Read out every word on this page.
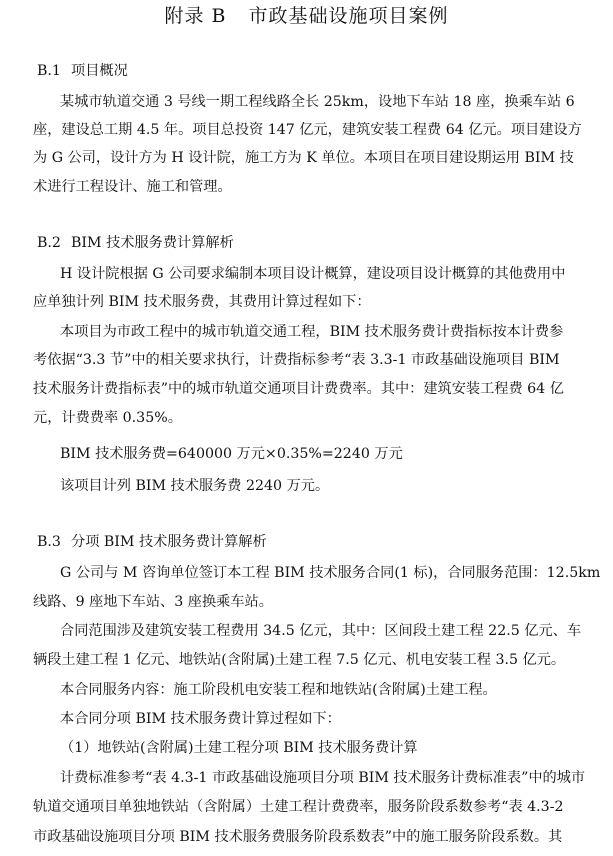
附录 B 市政基础设施项目案例
B.1 项目概况
某城市轨道交通 3 号线一期工程线路全长 25km，设地下车站 18 座，换乘车站 6
座，建设总工期 4.5 年。项目总投资 147 亿元，建筑安装工程费 64 亿元。项目建设方
为 G 公司，设计方为 H 设计院，施工方为 K 单位。本项目在项目建设期运用 BIM 技
术进行工程设计、施工和管理。
B.2 BIM 技术服务费计算解析
H 设计院根据 G 公司要求编制本项目设计概算，建设项目设计概算的其他费用中
应单独计列 BIM 技术服务费，其费用计算过程如下：
本项目为市政工程中的城市轨道交通工程，BIM 技术服务费计费指标按本计费参
考依据“3.3 节”中的相关要求执行，计费指标参考“表 3.3-1 市政基础设施项目 BIM
技术服务计费指标表”中的城市轨道交通项目计费费率。其中：建筑安装工程费 64 亿
元，计费费率 0.35%。
BIM 技术服务费=640000 万元×0.35%=2240 万元
该项目计列 BIM 技术服务费 2240 万元。
B.3 分项 BIM 技术服务费计算解析
G 公司与 M 咨询单位签订本工程 BIM 技术服务合同(1 标)，合同服务范围：12.5km
线路、9 座地下车站、3 座换乘车站。
合同范围涉及建筑安装工程费用 34.5 亿元，其中：区间段土建工程 22.5 亿元、车
辆段土建工程 1 亿元、地铁站(含附属)土建工程 7.5 亿元、机电安装工程 3.5 亿元。
本合同服务内容：施工阶段机电安装工程和地铁站(含附属)土建工程。
本合同分项 BIM 技术服务费计算过程如下：
（1）地铁站(含附属)土建工程分项 BIM 技术服务费计算
计费标准参考“表 4.3-1 市政基础设施项目分项 BIM 技术服务计费标准表”中的城市
轨道交通项目单独地铁站（含附属）土建工程计费费率，服务阶段系数参考“表 4.3-2
市政基础设施项目分项 BIM 技术服务费服务阶段系数表”中的施工服务阶段系数。其
